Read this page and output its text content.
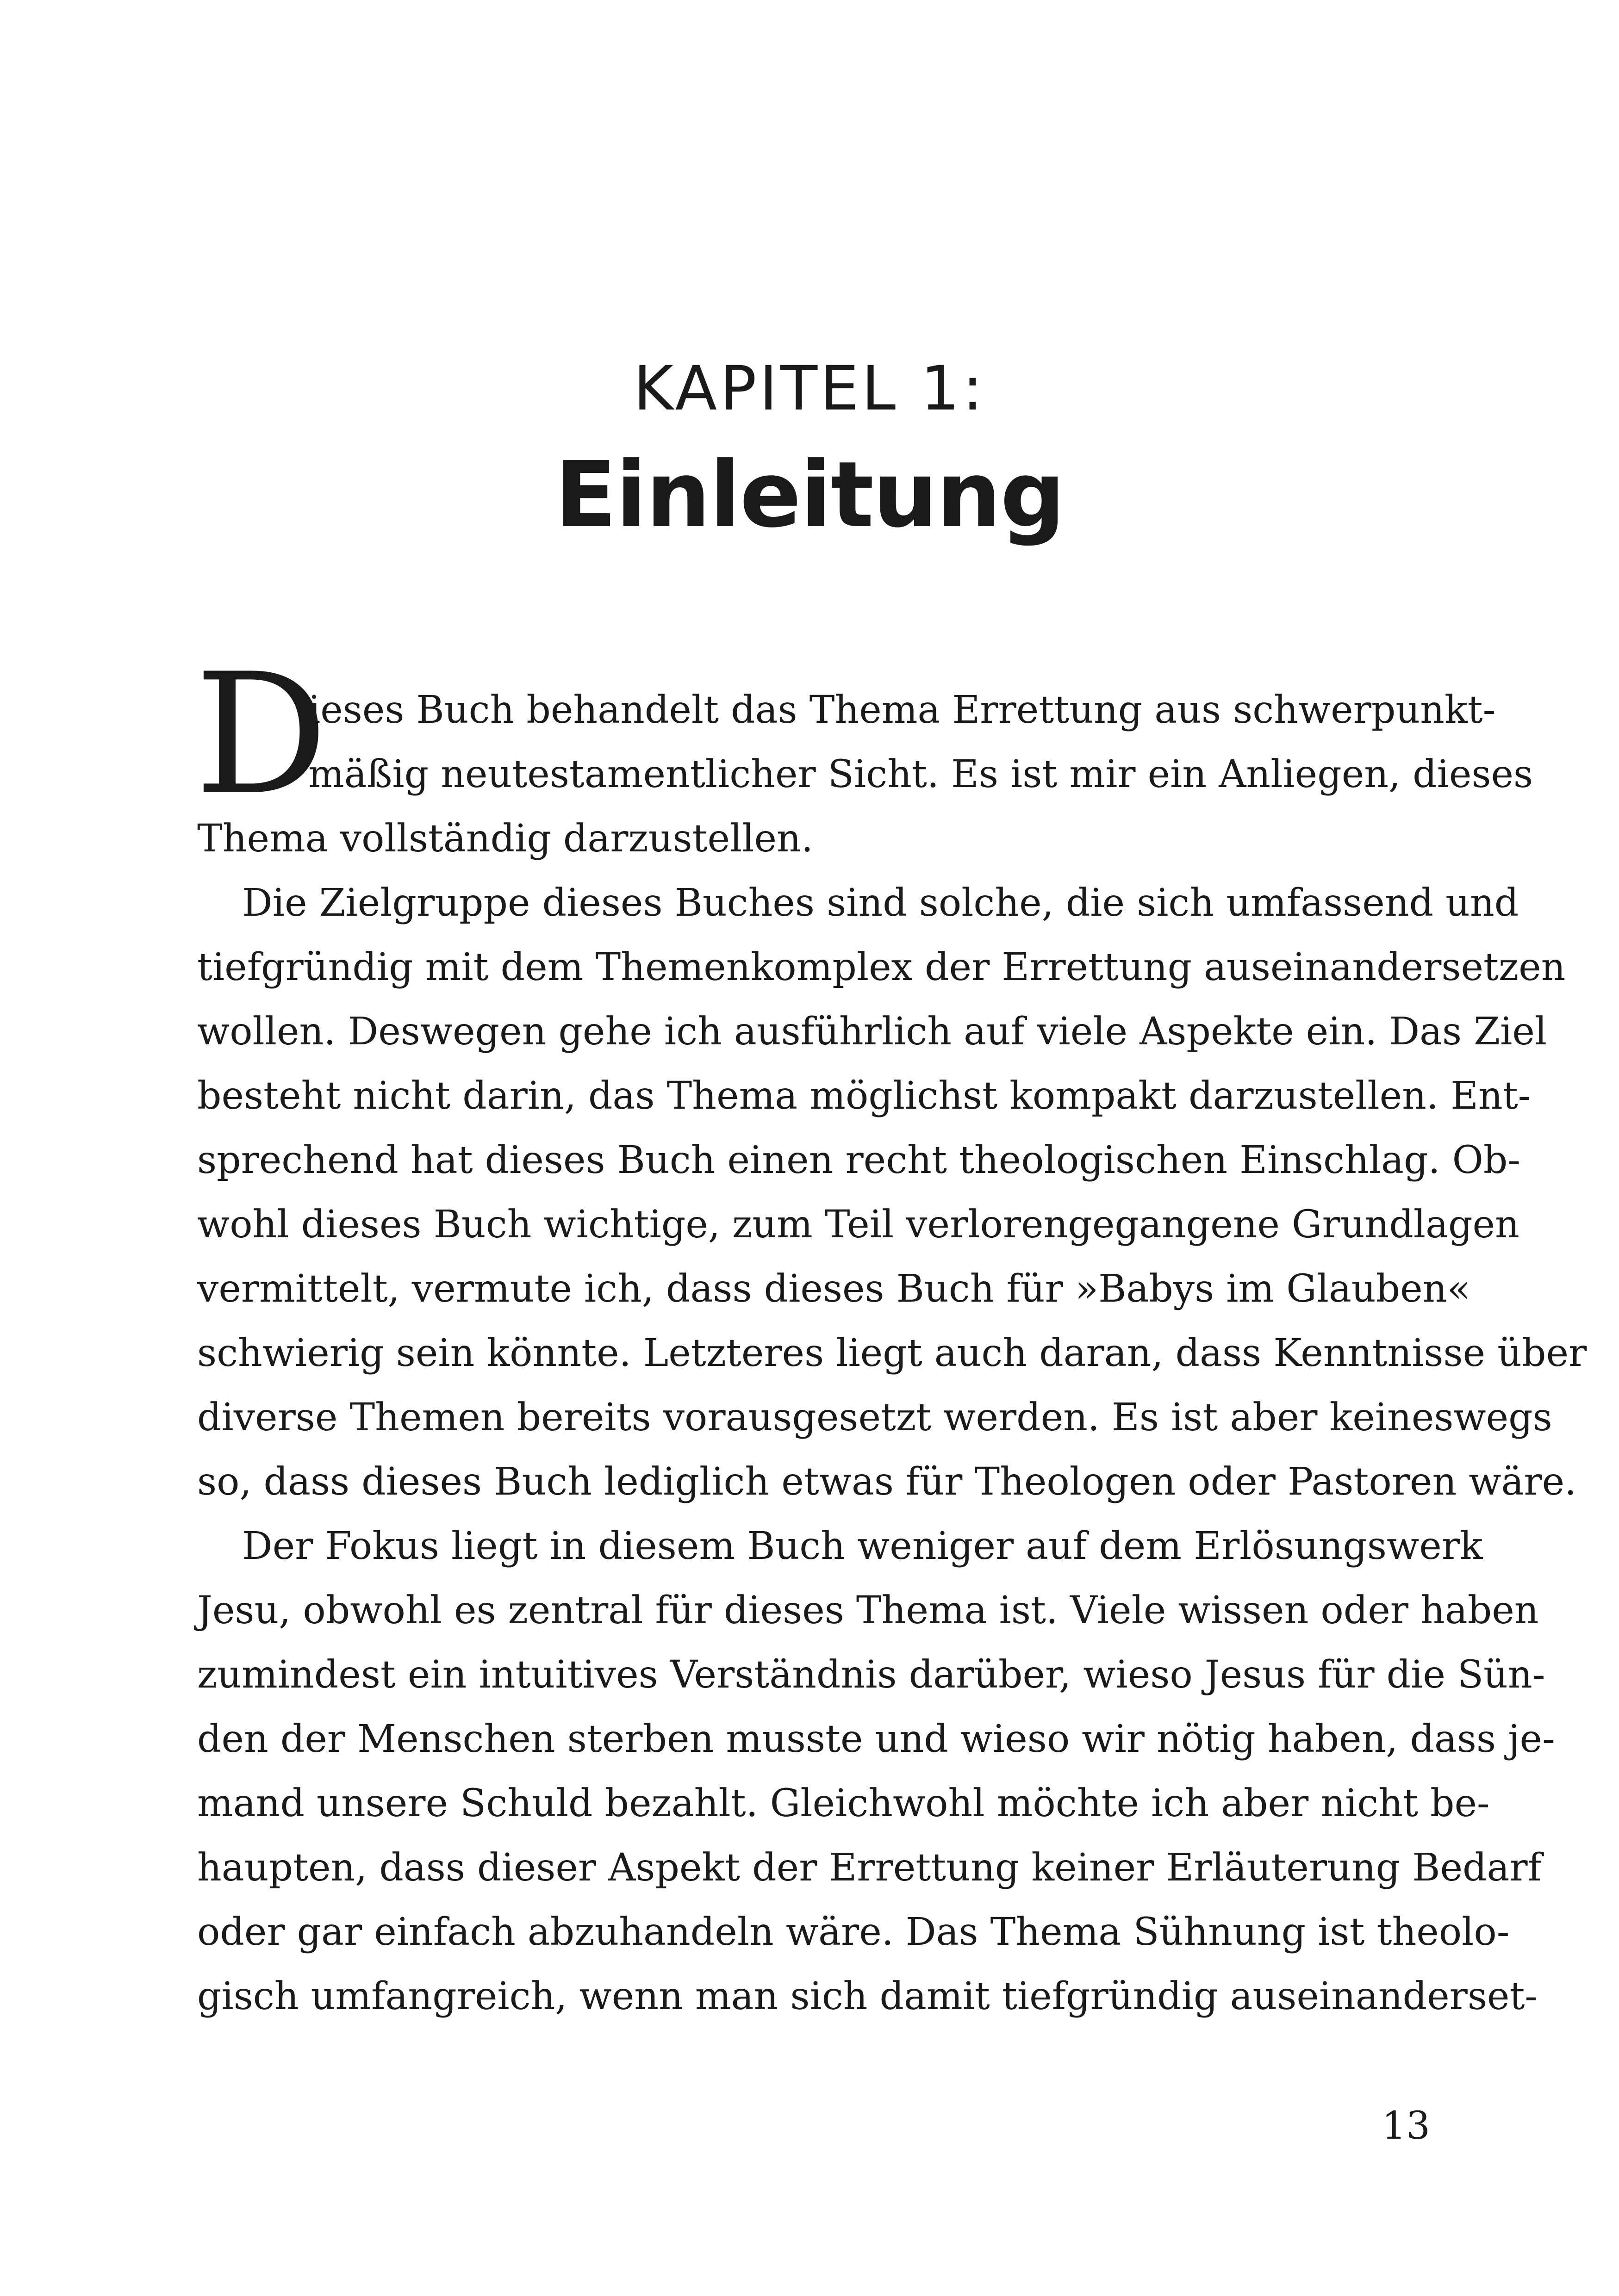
KAPITEL 1:
Einleitung
D
ieses Buch behandelt das Thema Errettung aus schwerpunkt-
mäßig neutestamentlicher Sicht. Es ist mir ein Anliegen, dieses
Thema vollständig darzustellen.
Die Zielgruppe dieses Buches sind solche, die sich umfassend und
tiefgründig mit dem Themenkomplex der Errettung auseinandersetzen
wollen. Deswegen gehe ich ausführlich auf viele Aspekte ein. Das Ziel
besteht nicht darin, das Thema möglichst kompakt darzustellen. Ent-
sprechend hat dieses Buch einen recht theologischen Einschlag. Ob-
wohl dieses Buch wichtige, zum Teil verlorengegangene Grundlagen
vermittelt, vermute ich, dass dieses Buch für »Babys im Glauben«
schwierig sein könnte. Letzteres liegt auch daran, dass Kenntnisse über
diverse Themen bereits vorausgesetzt werden. Es ist aber keineswegs
so, dass dieses Buch lediglich etwas für Theologen oder Pastoren wäre.
Der Fokus liegt in diesem Buch weniger auf dem Erlösungswerk
Jesu, obwohl es zentral für dieses Thema ist. Viele wissen oder haben
zumindest ein intuitives Verständnis darüber, wieso Jesus für die Sün-
den der Menschen sterben musste und wieso wir nötig haben, dass je-
mand unsere Schuld bezahlt. Gleichwohl möchte ich aber nicht be-
haupten, dass dieser Aspekt der Errettung keiner Erläuterung Bedarf
oder gar einfach abzuhandeln wäre. Das Thema Sühnung ist theolo-
gisch umfangreich, wenn man sich damit tiefgründig auseinanderset-
13
